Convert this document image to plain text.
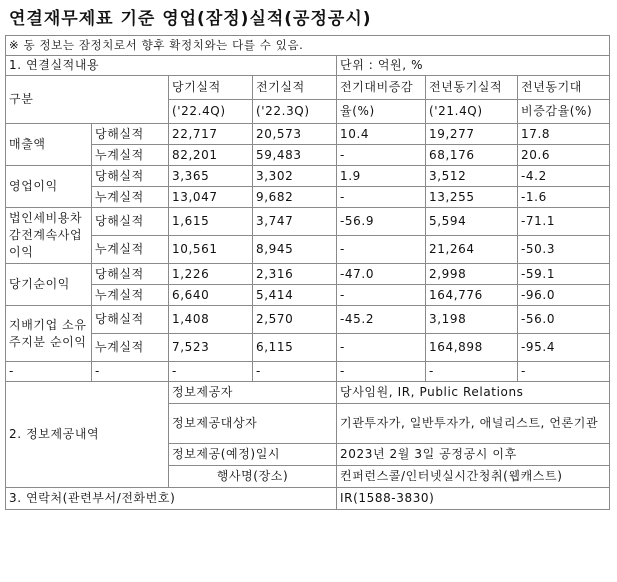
연결재무제표 기준 영업(잠정)실적(공정공시)
※ 동 정보는 잠정치로서 향후 확정치와는 다를 수 있음.						
1. 연결실적내용				단위 : 억원, %		
구분		당기실적	전기실적	전기대비증감	전년동기실적	전년동기대
		('22.4Q)	('22.3Q)	율(%)	('21.4Q)	비증감율(%)
매출액	당해실적	22,717	20,573	10.4	19,277	17.8
	누계실적	82,201	59,483	-	68,176	20.6
영업이익	당해실적	3,365	3,302	1.9	3,512	-4.2
	누계실적	13,047	9,682	-	13,255	-1.6
법인세비용차감전계속사업이익	당해실적	1,615	3,747	-56.9	5,594	-71.1
	누계실적	10,561	8,945	-	21,264	-50.3
당기순이익	당해실적	1,226	2,316	-47.0	2,998	-59.1
	누계실적	6,640	5,414	-	164,776	-96.0
지배기업 소유주지분 순이익	당해실적	1,408	2,570	-45.2	3,198	-56.0
	누계실적	7,523	6,115	-	164,898	-95.4
-	-	-	-	-	-	-
2. 정보제공내역		정보제공자		당사임원, IR, Public Relations		
		정보제공대상자		기관투자가, 일반투자가, 애널리스트, 언론기관		
		정보제공(예정)일시		2023년 2월 3일 공정공시 이후		
		행사명(장소)		컨퍼런스콜/인터넷실시간청취(웹캐스트)		
3. 연락처(관련부서/전화번호)				IR(1588-3830)		
